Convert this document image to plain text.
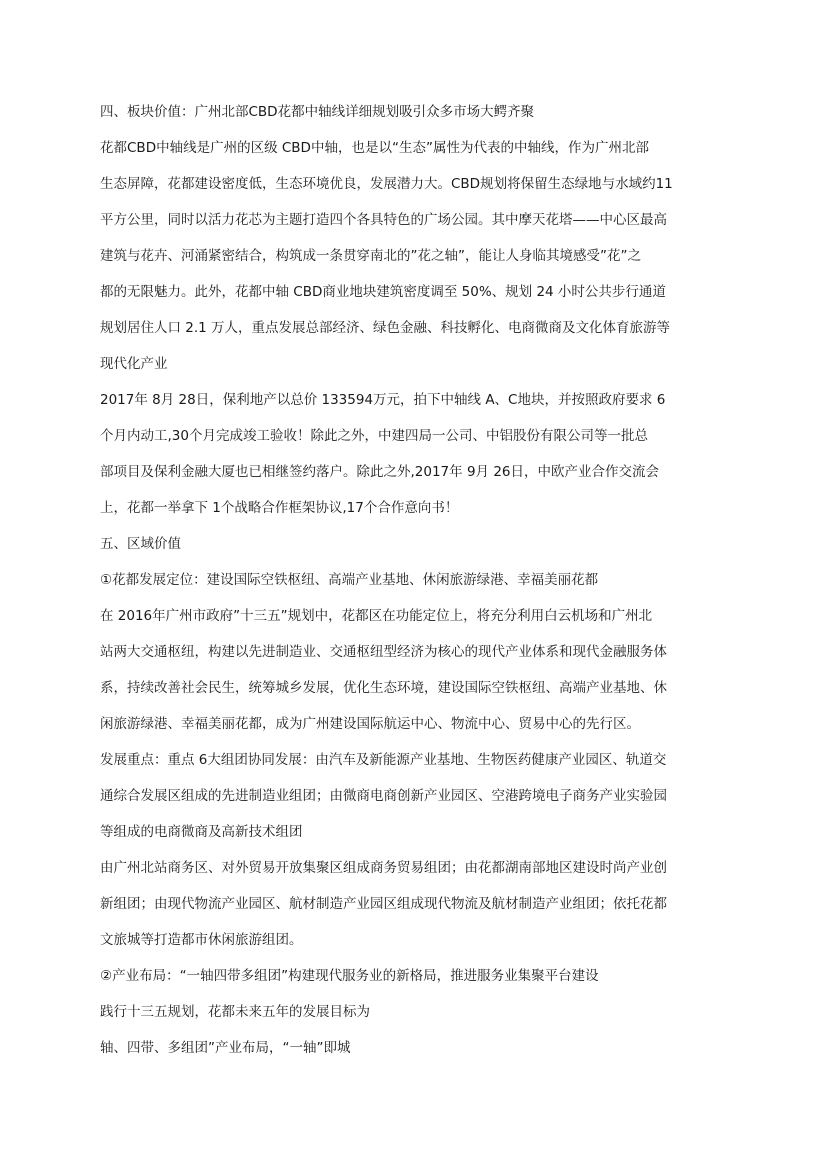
四、板块价值：广州北部CBD花都中轴线详细规划吸引众多市场大鳄齐聚
花都CBD中轴线是广州的区级 CBD中轴，也是以“生态”属性为代表的中轴线，作为广州北部
生态屏障，花都建设密度低，生态环境优良，发展潜力大。CBD规划将保留生态绿地与水域约11
平方公里，同时以活力花芯为主题打造四个各具特色的广场公园。其中摩天花塔——中心区最高
建筑与花卉、河涌紧密结合，构筑成一条贯穿南北的”花之轴”，能让人身临其境感受”花”之
都的无限魅力。此外，花都中轴 CBD商业地块建筑密度调至 50%、规划 24 小时公共步行通道
规划居住人口 2.1 万人，重点发展总部经济、绿色金融、科技孵化、电商微商及文化体育旅游等
现代化产业
2017年 8月 28日，保利地产以总价 133594万元，拍下中轴线 A、C地块，并按照政府要求 6
个月内动工,30个月完成竣工验收！除此之外，中建四局一公司、中铝股份有限公司等一批总
部项目及保利金融大厦也已相继签约落户。除此之外,2017年 9月 26日，中欧产业合作交流会
上，花都一举拿下 1个战略合作框架协议,17个合作意向书！
五、区域价值
①花都发展定位：建设国际空铁枢纽、高端产业基地、休闲旅游绿港、幸福美丽花都
在 2016年广州市政府”十三五”规划中，花都区在功能定位上，将充分利用白云机场和广州北
站两大交通枢纽，构建以先进制造业、交通枢纽型经济为核心的现代产业体系和现代金融服务体
系，持续改善社会民生，统筹城乡发展，优化生态环境，建设国际空铁枢纽、高端产业基地、休
闲旅游绿港、幸福美丽花都，成为广州建设国际航运中心、物流中心、贸易中心的先行区。
发展重点：重点 6大组团协同发展：由汽车及新能源产业基地、生物医药健康产业园区、轨道交
通综合发展区组成的先进制造业组团；由微商电商创新产业园区、空港跨境电子商务产业实验园
等组成的电商微商及高新技术组团
由广州北站商务区、对外贸易开放集聚区组成商务贸易组团；由花都湖南部地区建设时尚产业创
新组团；由现代物流产业园区、航材制造产业园区组成现代物流及航材制造产业组团；依托花都
文旅城等打造都市休闲旅游组团。
②产业布局：“一轴四带多组团”构建现代服务业的新格局，推进服务业集聚平台建设
践行十三五规划，花都未来五年的发展目标为
轴、四带、多组团”产业布局，“一轴”即城
